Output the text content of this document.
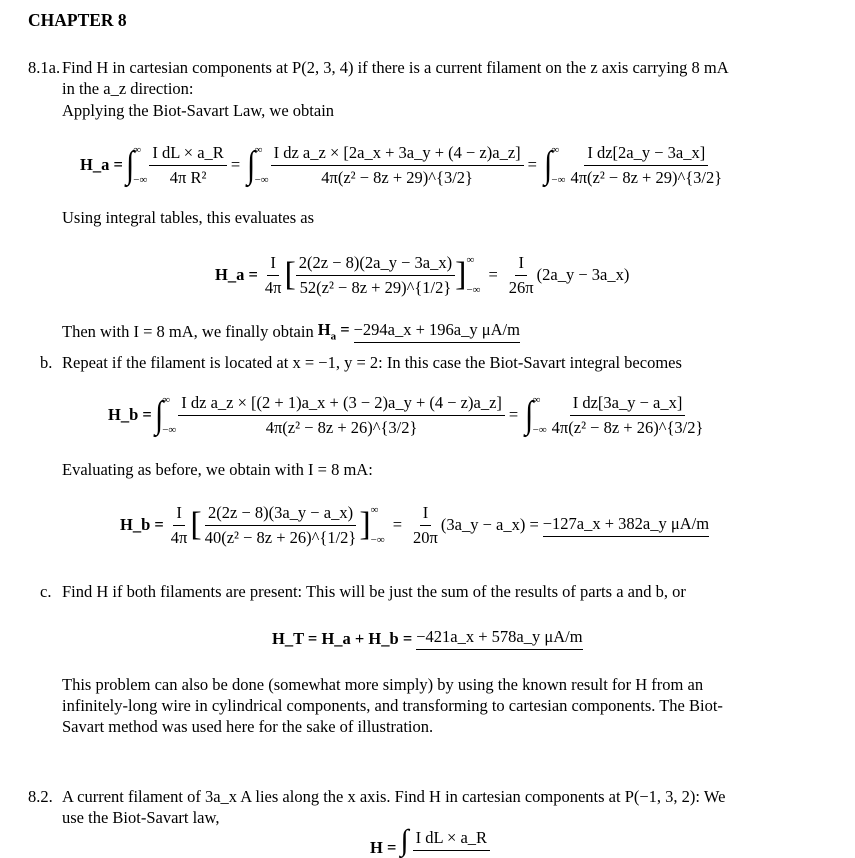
CHAPTER 8
8.1a. Find H in cartesian components at P(2, 3, 4) if there is a current filament on the z axis carrying 8 mA
in the a_z direction:
Applying the Biot-Savart Law, we obtain
H_a = ∫ ∞
−∞ $\frac{\text{I dL × a\_R}}{\text{4π R²}}$ = ∫ ∞
−∞ $\frac{\text{I dz a\_z × [2a\_x + 3a\_y + (4 − z)a\_z]}}{\text{4π(z² − 8z + 29)\textasciicircum{}\{3/2\}}}$ = ∫ ∞
−∞ $\frac{\text{I dz[2a\_y − 3a\_x]}}{\text{4π(z² − 8z + 29)\textasciicircum{}\{3/2\}}}$
Using integral tables, this evaluates as
H_a = $\frac{I}{4\pi}$ [ $\frac{2(2z - 8)(2a\_y - 3a\_x)}{\text{52(z² − 8z + 29)\textasciicircum{}\{1/2\}}}$ ] ∞
−∞
= $\frac{I}{26\pi}$ (2a_y − 3a_x)
Then with I = 8 mA, we finally obtain $H_a$ = −294a_x + 196a_y μA/m
b. Repeat if the filament is located at x = −1, y = 2: In this case the Biot-Savart integral becomes
H_b = ∫ ∞
−∞ $\frac{\text{I dz a\_z × [(2 + 1)a\_x + (3 − 2)a\_y + (4 − z)a\_z]}}{\text{4π(z² − 8z + 26)\textasciicircum{}\{3/2\}}}$ = ∫ ∞
−∞ $\frac{\text{I dz[3a\_y − a\_x]}}{\text{4π(z² − 8z + 26)\textasciicircum{}\{3/2\}}}$
Evaluating as before, we obtain with I = 8 mA:
H_b = $\frac{I}{4\pi}$ [ $\frac{2(2z - 8)(3a\_y - a\_x)}{\text{40(z² − 8z + 26)\textasciicircum{}\{1/2\}}}$ ] ∞
−∞
= $\frac{I}{20\pi}$ (3a_y − a_x) = −127a_x + 382a_y μA/m
c. Find H if both filaments are present: This will be just the sum of the results of parts a and b, or
H_T = H_a + H_b = −421a_x + 578a_y μA/m
This problem can also be done (somewhat more simply) by using the known result for H from an
infinitely-long wire in cylindrical components, and transforming to cartesian components. The Biot-
Savart method was used here for the sake of illustration.
8.2. A current filament of 3a_x A lies along the x axis. Find H in cartesian components at P(−1, 3, 2): We
use the Biot-Savart law,
H = ∫ I dL × a_R
